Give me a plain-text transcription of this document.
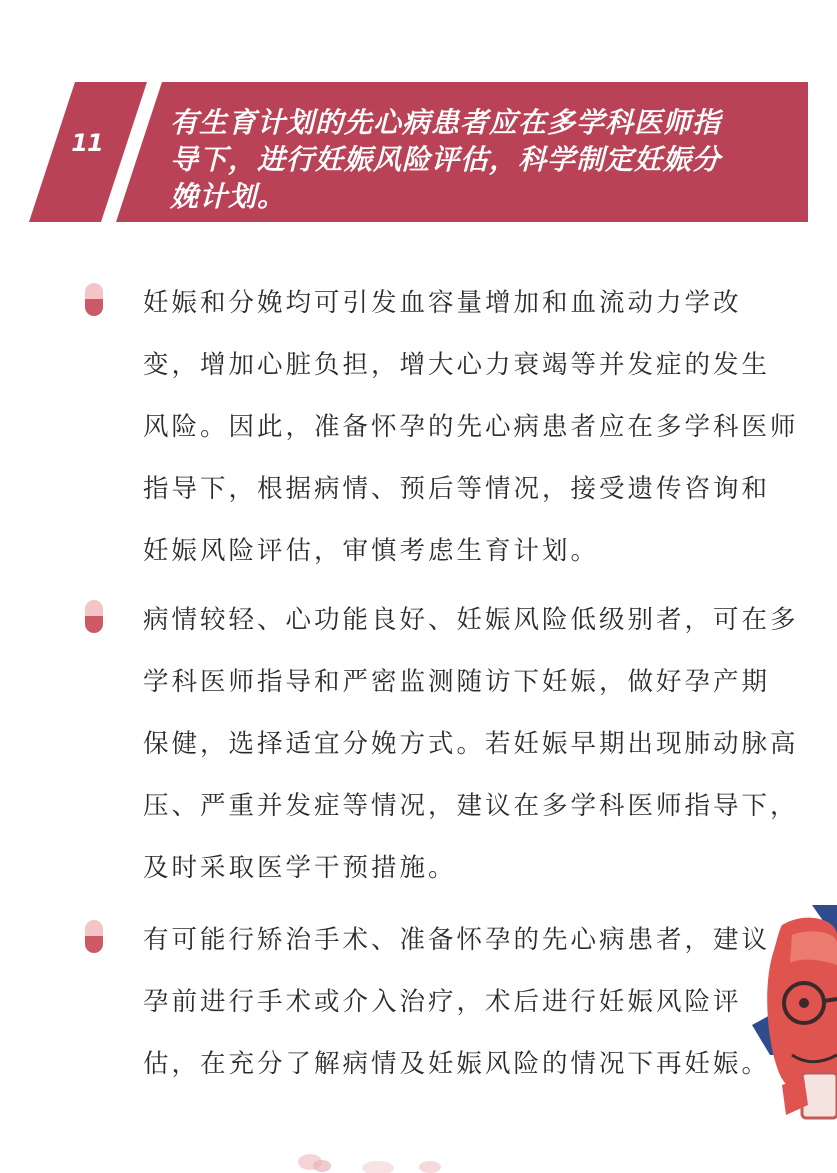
11
有生育计划的先心病患者应在多学科医师指
导下，进行妊娠风险评估，科学制定妊娠分
娩计划。

妊娠和分娩均可引发血容量增加和血流动力学改

变，增加心脏负担，增大心力衰竭等并发症的发生

风险。因此，准备怀孕的先心病患者应在多学科医师

指导下，根据病情、预后等情况，接受遗传咨询和

妊娠风险评估，审慎考虑生育计划。

病情较轻、心功能良好、妊娠风险低级别者，可在多

学科医师指导和严密监测随访下妊娠，做好孕产期

保健，选择适宜分娩方式。若妊娠早期出现肺动脉高

压、严重并发症等情况，建议在多学科医师指导下，

及时采取医学干预措施。

有可能行矫治手术、准备怀孕的先心病患者，建议

孕前进行手术或介入治疗，术后进行妊娠风险评

估，在充分了解病情及妊娠风险的情况下再妊娠。
